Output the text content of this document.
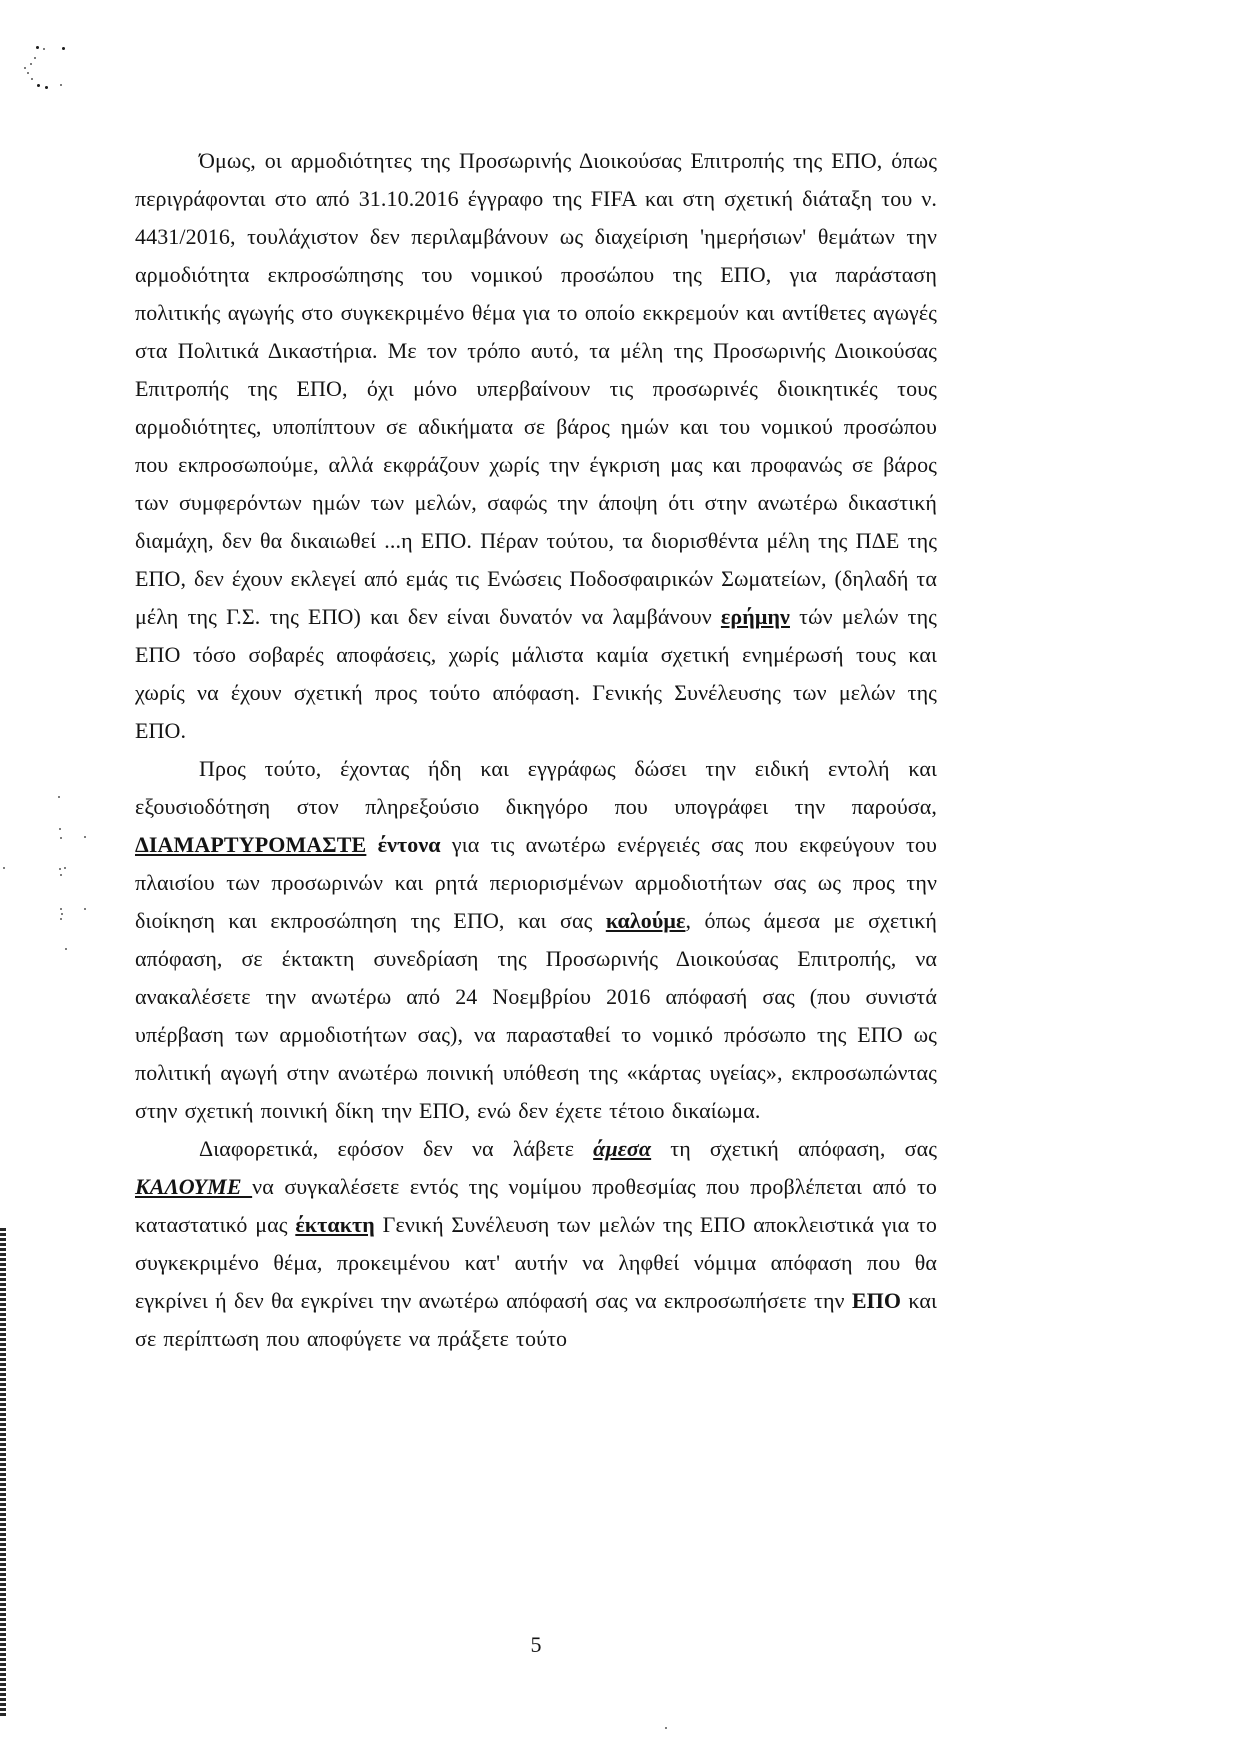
Όμως, οι αρμοδιότητες της Προσωρινής Διοικούσας Επιτροπής της ΕΠΟ, όπως περιγράφονται στο από 31.10.2016 έγγραφο της FIFA και στη σχετική διάταξη του ν. 4431/2016, τουλάχιστον δεν περιλαμβάνουν ως διαχείριση 'ημερήσιων' θεμάτων την αρμοδιότητα εκπροσώπησης του νομικού προσώπου της ΕΠΟ, για παράσταση πολιτικής αγωγής στο συγκεκριμένο θέμα για το οποίο εκκρεμούν και αντίθετες αγωγές στα Πολιτικά Δικαστήρια. Με τον τρόπο αυτό, τα μέλη της Προσωρινής Διοικούσας Επιτροπής της ΕΠΟ, όχι μόνο υπερβαίνουν τις προσωρινές διοικητικές τους αρμοδιότητες, υποπίπτουν σε αδικήματα σε βάρος ημών και του νομικού προσώπου που εκπροσωπούμε, αλλά εκφράζουν χωρίς την έγκριση μας και προφανώς σε βάρος των συμφερόντων ημών των μελών, σαφώς την άποψη ότι στην ανωτέρω δικαστική διαμάχη, δεν θα δικαιωθεί ...η ΕΠΟ. Πέραν τούτου, τα διορισθέντα μέλη της ΠΔΕ της ΕΠΟ, δεν έχουν εκλεγεί από εμάς τις Ενώσεις Ποδοσφαιρικών Σωματείων, (δηλαδή τα μέλη της Γ.Σ. της ΕΠΟ) και δεν είναι δυνατόν να λαμβάνουν ερήμην τών μελών της ΕΠΟ τόσο σοβαρές αποφάσεις, χωρίς μάλιστα καμία σχετική ενημέρωσή τους και χωρίς να έχουν σχετική προς τούτο απόφαση. Γενικής Συνέλευσης των μελών της ΕΠΟ.

Προς τούτο, έχοντας ήδη και εγγράφως δώσει την ειδική εντολή και εξουσιοδότηση στον πληρεξούσιο δικηγόρο που υπογράφει την παρούσα, ΔΙΑΜΑΡΤΥΡΟΜΑΣΤΕ έντονα για τις ανωτέρω ενέργειές σας που εκφεύγουν του πλαισίου των προσωρινών και ρητά περιορισμένων αρμοδιοτήτων σας ως προς την διοίκηση και εκπροσώπηση της ΕΠΟ, και σας καλούμε, όπως άμεσα με σχετική απόφαση, σε έκτακτη συνεδρίαση της Προσωρινής Διοικούσας Επιτροπής, να ανακαλέσετε την ανωτέρω από 24 Νοεμβρίου 2016 απόφασή σας (που συνιστά υπέρβαση των αρμοδιοτήτων σας), να παρασταθεί το νομικό πρόσωπο της ΕΠΟ ως πολιτική αγωγή στην ανωτέρω ποινική υπόθεση της «κάρτας υγείας», εκπροσωπώντας στην σχετική ποινική δίκη την ΕΠΟ, ενώ δεν έχετε τέτοιο δικαίωμα.

Διαφορετικά, εφόσον δεν να λάβετε άμεσα τη σχετική απόφαση, σας ΚΑΛΟΥΜΕ να συγκαλέσετε εντός της νομίμου προθεσμίας που προβλέπεται από το καταστατικό μας έκτακτη Γενική Συνέλευση των μελών της ΕΠΟ αποκλειστικά για το συγκεκριμένο θέμα, προκειμένου κατ' αυτήν να ληφθεί νόμιμα απόφαση που θα εγκρίνει ή δεν θα εγκρίνει την ανωτέρω απόφασή σας να εκπροσωπήσετε την ΕΠΟ και σε περίπτωση που αποφύγετε να πράξετε τούτο

5
